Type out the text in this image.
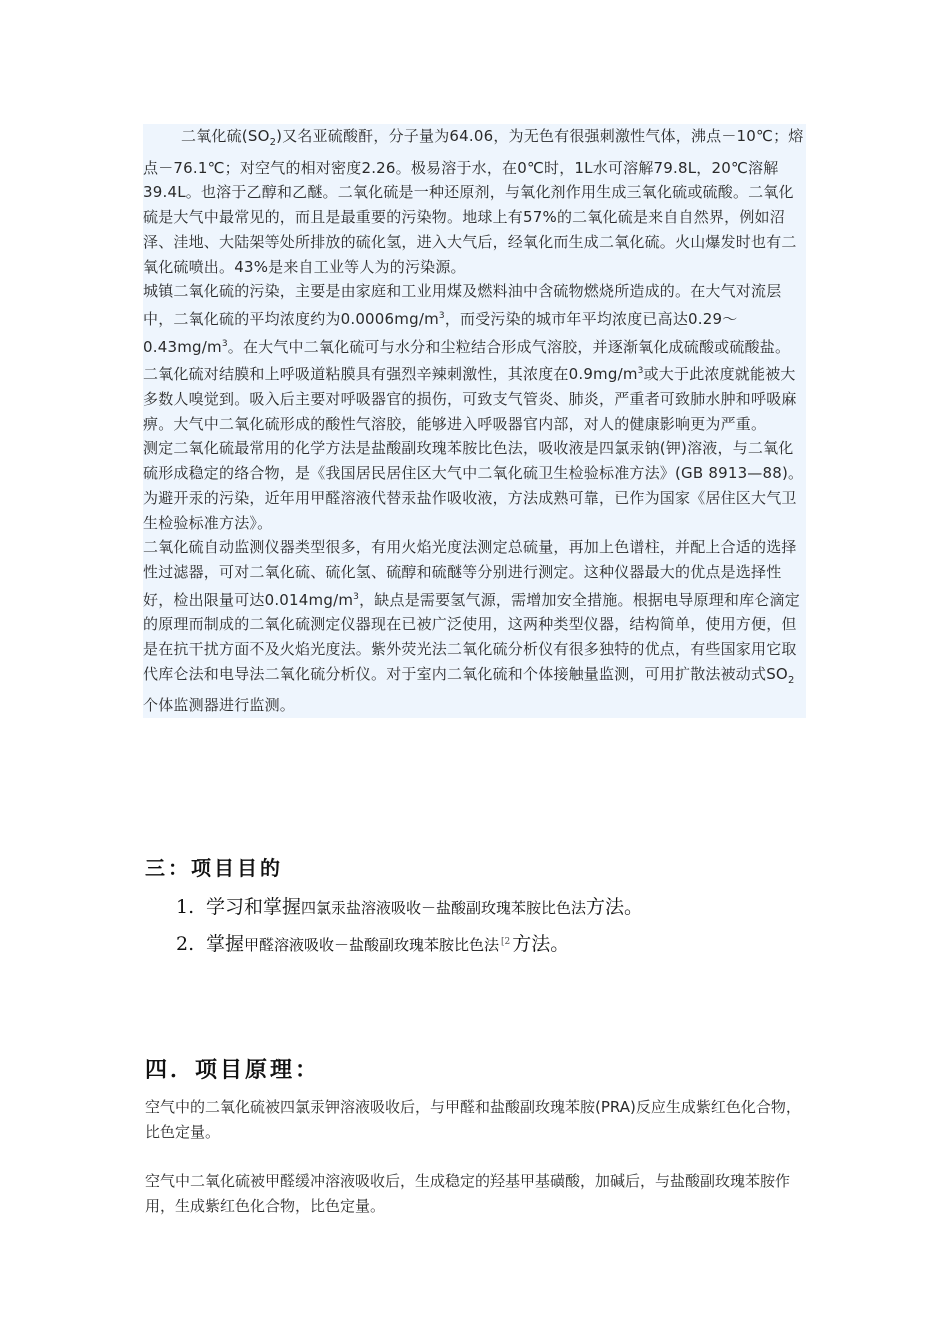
二氧化硫$(SO_2)$又名亚硫酸酐，分子量为64.06，为无色有很强刺激性气体，沸点－10℃；熔点－76.1℃；对空气的相对密度2.26。极易溶于水，在0℃时，1L水可溶解79.8L，20℃溶解39.4L。也溶于乙醇和乙醚。二氧化硫是一种还原剂，与氧化剂作用生成三氧化硫或硫酸。二氧化硫是大气中最常见的，而且是最重要的污染物。地球上有57%的二氧化硫是来自自然界，例如沼泽、洼地、大陆架等处所排放的硫化氢，进入大气后，经氧化而生成二氧化硫。火山爆发时也有二氧化硫喷出。43%是来自工业等人为的污染源。

城镇二氧化硫的污染，主要是由家庭和工业用煤及燃料油中含硫物燃烧所造成的。在大气对流层中，二氧化硫的平均浓度约为$0.0006mg/m^3$，而受污染的城市年平均浓度已高达$0.29\sim 0.43mg/m^3$。在大气中二氧化硫可与水分和尘粒结合形成气溶胶，并逐渐氧化成硫酸或硫酸盐。

二氧化硫对结膜和上呼吸道粘膜具有强烈辛辣刺激性，其浓度在$0.9mg/m^3$或大于此浓度就能被大多数人嗅觉到。吸入后主要对呼吸器官的损伤，可致支气管炎、肺炎，严重者可致肺水肿和呼吸麻痹。大气中二氧化硫形成的酸性气溶胶，能够进入呼吸器官内部，对人的健康影响更为严重。

测定二氧化硫最常用的化学方法是盐酸副玫瑰苯胺比色法，吸收液是四氯汞钠(钾)溶液，与二氧化硫形成稳定的络合物，是《我国居民居住区大气中二氧化硫卫生检验标准方法》(GB 8913—88)。为避开汞的污染，近年用甲醛溶液代替汞盐作吸收液，方法成熟可靠，已作为国家《居住区大气卫生检验标准方法》。

二氧化硫自动监测仪器类型很多，有用火焰光度法测定总硫量，再加上色谱柱，并配上合适的选择性过滤器，可对二氧化硫、硫化氢、硫醇和硫醚等分别进行测定。这种仪器最大的优点是选择性好，检出限量可达$0.014mg/m^3$，缺点是需要氢气源，需增加安全措施。根据电导原理和库仑滴定的原理而制成的二氧化硫测定仪器现在已被广泛使用，这两种类型仪器，结构简单，使用方便，但是在抗干扰方面不及火焰光度法。紫外荧光法二氧化硫分析仪有很多独特的优点，有些国家用它取代库仑法和电导法二氧化硫分析仪。对于室内二氧化硫和个体接触量监测，可用扩散法被动式$SO_2$个体监测器进行监测。

三：项目目的
1. 学习和掌握四氯汞盐溶液吸收－盐酸副玫瑰苯胺比色法方法。
2. 掌握甲醛溶液吸收－盐酸副玫瑰苯胺比色法 $^{[2}$ 方法。
四．项目原理：

空气中的二氧化硫被四氯汞钾溶液吸收后，与甲醛和盐酸副玫瑰苯胺(PRA)反应生成紫红色化合物，比色定量。

空气中二氧化硫被甲醛缓冲溶液吸收后，生成稳定的羟基甲基磺酸，加碱后，与盐酸副玫瑰苯胺作用，生成紫红色化合物，比色定量。
